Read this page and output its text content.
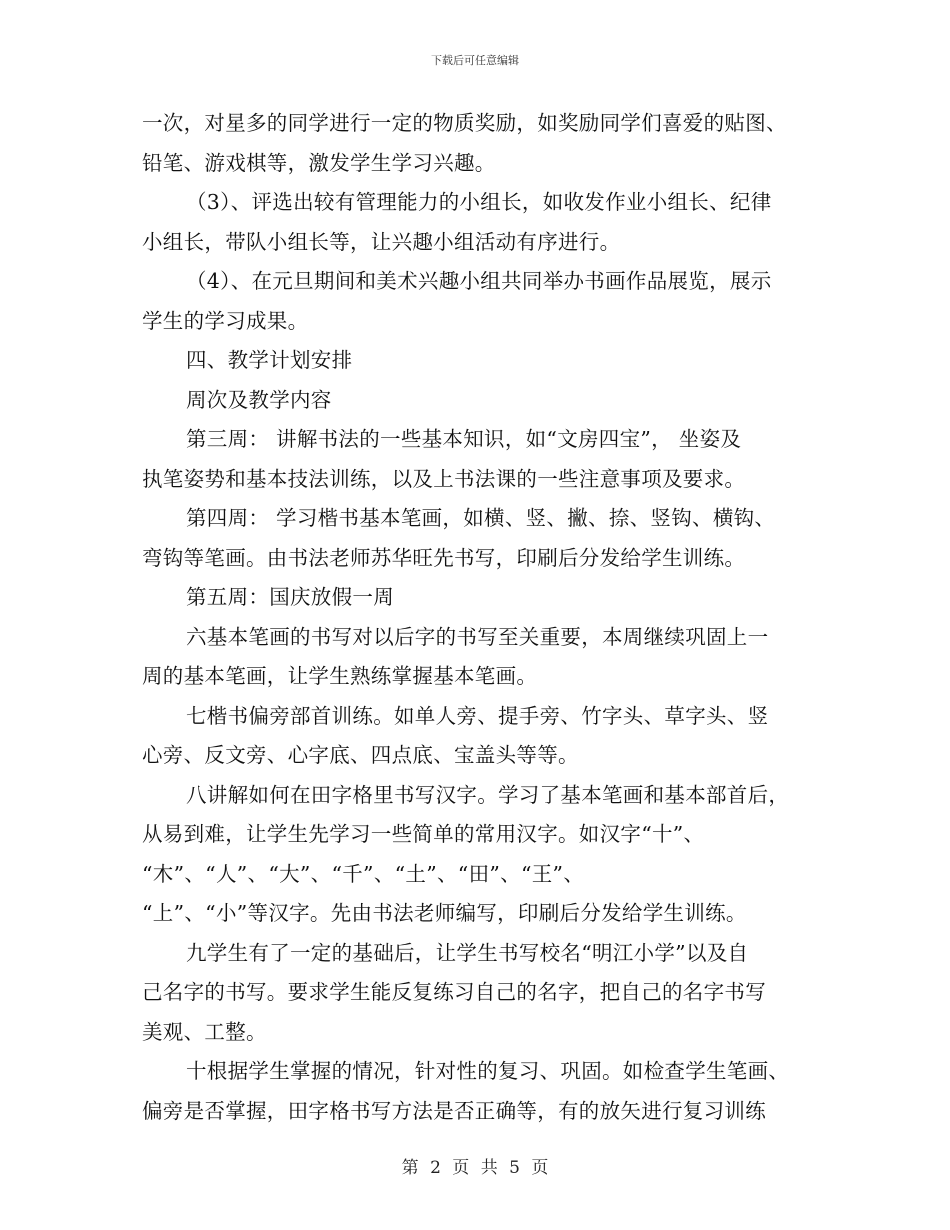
下载后可任意编辑
一次，对星多的同学进行一定的物质奖励，如奖励同学们喜爱的贴图、
铅笔、游戏棋等，激发学生学习兴趣。
（3）、评选出较有管理能力的小组长，如收发作业小组长、纪律
小组长，带队小组长等，让兴趣小组活动有序进行。
（4）、在元旦期间和美术兴趣小组共同举办书画作品展览，展示
学生的学习成果。
四、教学计划安排
周次及教学内容
第三周： 讲解书法的一些基本知识，如“文房四宝”， 坐姿及
执笔姿势和基本技法训练，以及上书法课的一些注意事项及要求。
第四周： 学习楷书基本笔画，如横、竖、撇、捺、竖钩、横钩、
弯钩等笔画。由书法老师苏华旺先书写，印刷后分发给学生训练。
第五周：国庆放假一周
六基本笔画的书写对以后字的书写至关重要，本周继续巩固上一
周的基本笔画，让学生熟练掌握基本笔画。
七楷书偏旁部首训练。如单人旁、提手旁、竹字头、草字头、竖
心旁、反文旁、心字底、四点底、宝盖头等等。
八讲解如何在田字格里书写汉字。学习了基本笔画和基本部首后，
从易到难，让学生先学习一些简单的常用汉字。如汉字“十”、
“木”、“人”、“大”、“千”、“土”、“田”、“王”、
“上”、“小”等汉字。先由书法老师编写，印刷后分发给学生训练。
九学生有了一定的基础后，让学生书写校名“明江小学”以及自
己名字的书写。要求学生能反复练习自己的名字，把自己的名字书写
美观、工整。
十根据学生掌握的情况，针对性的复习、巩固。如检查学生笔画、
偏旁是否掌握，田字格书写方法是否正确等，有的放矢进行复习训练
第 2 页 共 5 页
